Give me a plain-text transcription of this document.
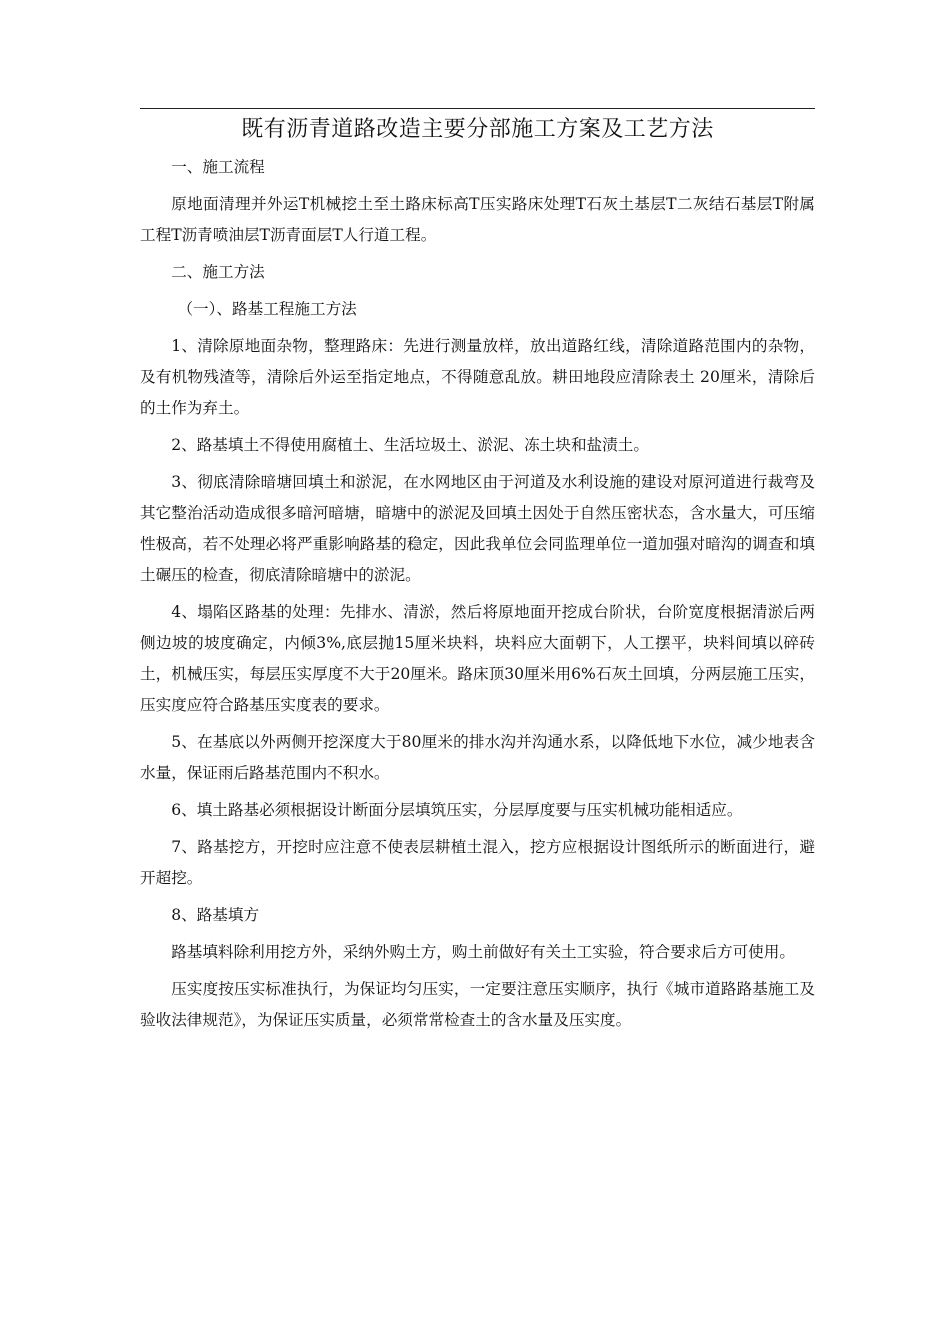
既有沥青道路改造主要分部施工方案及工艺方法

一、施工流程

原地面清理并外运T机械挖土至土路床标高T压实路床处理T石灰土基层T二灰结石基层T附属工程T沥青喷油层T沥青面层T人行道工程。

二、施工方法

（一）、路基工程施工方法

1、清除原地面杂物，整理路床：先进行测量放样，放出道路红线，清除道路范围内的杂物，及有机物残渣等，清除后外运至指定地点，不得随意乱放。耕田地段应清除表土 20厘米，清除后的土作为弃土。

2、路基填土不得使用腐植土、生活垃圾土、淤泥、冻土块和盐渍土。

3、彻底清除暗塘回填土和淤泥，在水网地区由于河道及水利设施的建设对原河道进行裁弯及其它整治活动造成很多暗河暗塘，暗塘中的淤泥及回填土因处于自然压密状态，含水量大，可压缩性极高，若不处理必将严重影响路基的稳定，因此我单位会同监理单位一道加强对暗沟的调查和填土碾压的检查，彻底清除暗塘中的淤泥。

4、塌陷区路基的处理：先排水、清淤，然后将原地面开挖成台阶状，台阶宽度根据清淤后两侧边坡的坡度确定，内倾3%,底层抛15厘米块料，块料应大面朝下，人工摆平，块料间填以碎砖土，机械压实，每层压实厚度不大于20厘米。路床顶30厘米用6%石灰土回填，分两层施工压实，压实度应符合路基压实度表的要求。

5、在基底以外两侧开挖深度大于80厘米的排水沟并沟通水系，以降低地下水位，减少地表含水量，保证雨后路基范围内不积水。

6、填土路基必须根据设计断面分层填筑压实，分层厚度要与压实机械功能相适应。

7、路基挖方，开挖时应注意不使表层耕植土混入，挖方应根据设计图纸所示的断面进行，避开超挖。

8、路基填方

路基填料除利用挖方外，采纳外购土方，购土前做好有关土工实验，符合要求后方可使用。

压实度按压实标准执行，为保证均匀压实，一定要注意压实顺序，执行《城市道路路基施工及验收法律规范》，为保证压实质量，必须常常检查土的含水量及压实度。
